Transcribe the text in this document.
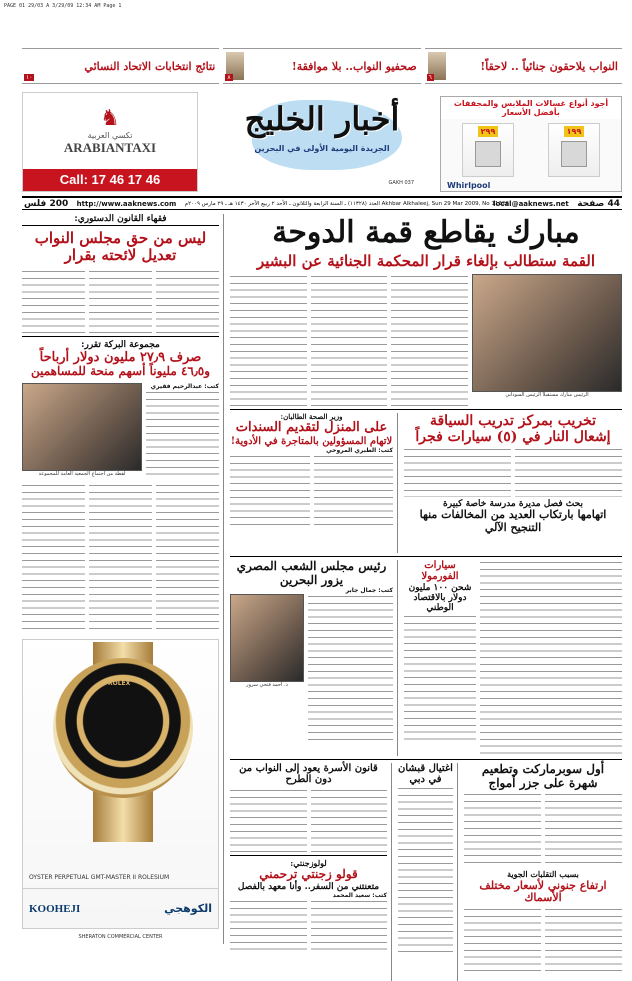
PAGE 01 29/03 A 3/29/09 12:34 AM Page 1
١٠
نتائج انتخابات الاتحاد النسائي
٨
صحفيو النواب.. بلا موافقة!
٦
النواب يلاحقون جنائياً .. لاحقاً!
♞
تكسي العربية
ARABIANTAXI
Call: 17 46 17 46
أخبار الخليج
الجريدة اليومية الأولى في البحرين
GAKH 037
أجود أنواع غسالات الملابس والمجففات بأفضل الأسعار
٢٩٩	١٩٩
Whirlpool
200 فلس http://www.aaknews.com العدد (١١٣٢٨) ـ السنة الرابعة والثلاثون ـ الأحد ٢ ربيع الآخر ١٤٣٠ هـ ـ ٢٩ مارس ٢٠٠٩م Akhbar Alkhaleej, Sun 29 Mar 2009, No 11328
local@aaknews.net 44 صفحة
فقهاء القانون الدستوري:
ليس من حق مجلس النواب
تعديل لائحته بقرار
مجموعة البركة تقرر:
صرف ٢٧٫٩ مليون دولار أرباحاً
و٤٦٫٥ مليوناً أسهم منحة للمساهمين
كتب: عبدالرحيم فقيري
لقطة من اجتماع الجمعية العامة للمجموعة
ROLEX
OYSTER PERPETUAL GMT-MASTER II ROLESIUM
KOOHEJI	الكوهجي
SHERATON COMMERCIAL CENTER
مبارك يقاطع قمة الدوحة
القمة ستطالب بإلغاء قرار المحكمة الجنائية عن البشير
الرئيس مبارك مستقبلاً الرئيس السوداني
تخريب بمركز تدريب السياقة
إشعال النار في (٥) سيارات فجراً
بحث فصل مديرة مدرسة خاصة كبيرة
اتهامها بارتكاب العديد من المخالفات منها التنجيح الآلي
وزير الصحة الطالبان:
على المنزل لتقديم السندات
لاتهام المسؤولين بالمتاجرة في الأدوية!
كتب: الطبري المروحي
سيارات الفورمولا
شحن ١٠٠ مليون دولار بالاقتصاد الوطني
رئيس مجلس الشعب المصري يزور البحرين
كتب: جمال جابر
د. أحمد فتحي سرور
أول سوبرماركت وتطعيم
شهرة على جزر أمواج
بسبب التقلبات الجوية
ارتفاع جنوني لأسعار مختلف الأسماك
اغتيال قبشان
في دبي
قانون الأسرة يعود إلى النواب من دون الطرح
لولوزجنتي:
قولو زجنتي ترحمني
متعنتني من السفر.. وأنا معهد بالفصل
كتب: سعيد المحمد
